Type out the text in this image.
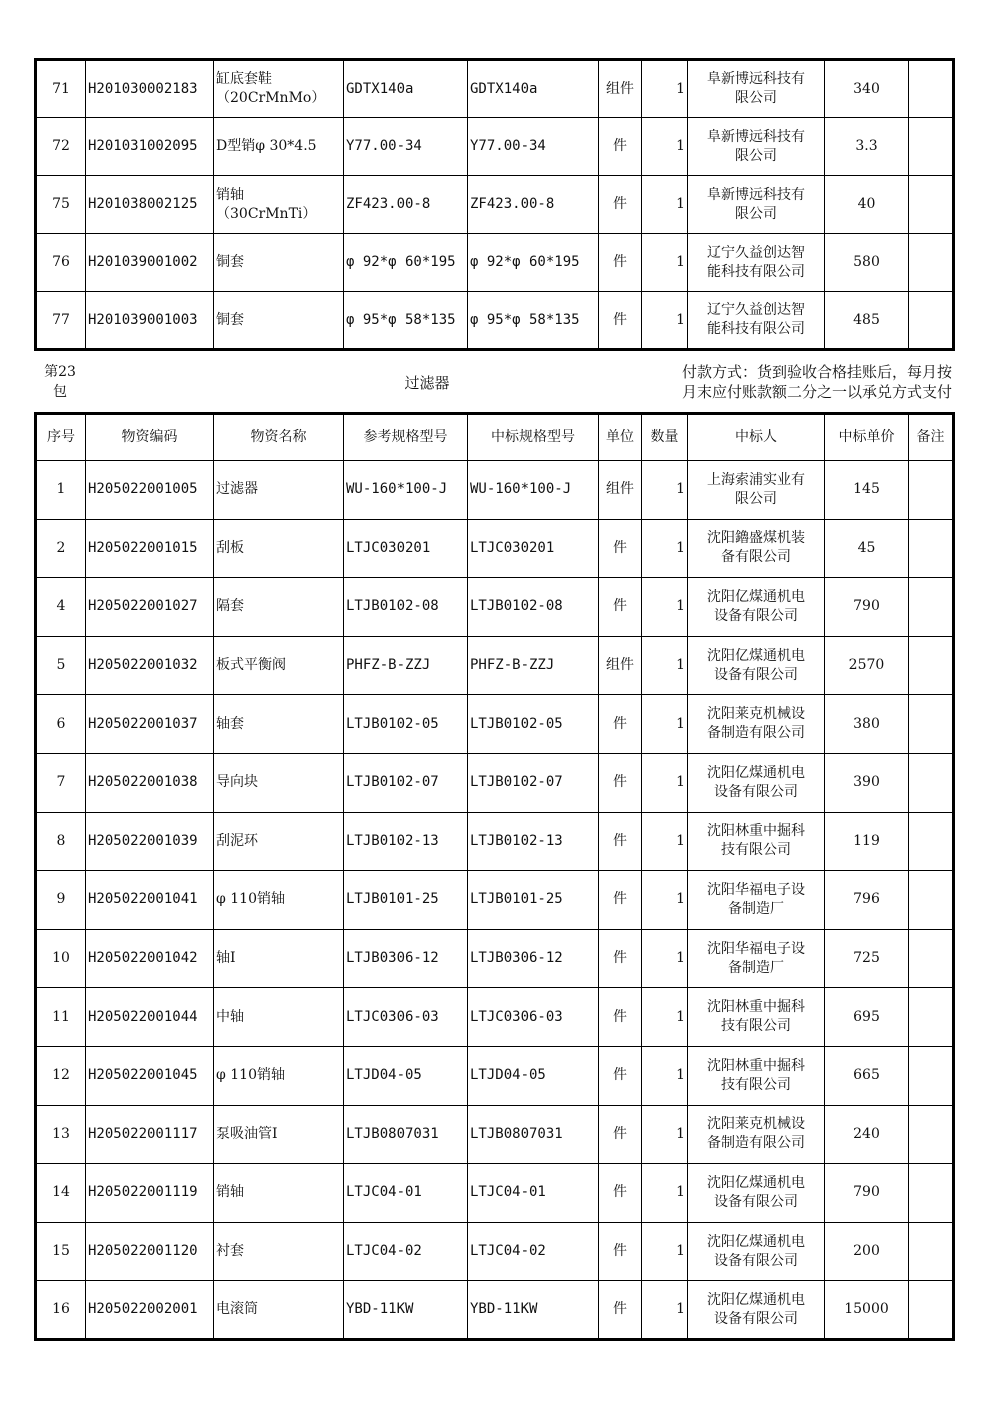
71	H201030002183	缸底套鞋
（20CrMnMo）	GDTX140a	GDTX140a	组件	1	阜新博远科技有
限公司	340	
72	H201031002095	D型销φ 30*4.5	Y77.00-34	Y77.00-34	件	1	阜新博远科技有
限公司	3.3	
75	H201038002125	销轴
（30CrMnTi）	ZF423.00-8	ZF423.00-8	件	1	阜新博远科技有
限公司	40	
76	H201039001002	铜套	φ 92*φ 60*195	φ 92*φ 60*195	件	1	辽宁久益创达智
能科技有限公司	580	
77	H201039001003	铜套	φ 95*φ 58*135	φ 95*φ 58*135	件	1	辽宁久益创达智
能科技有限公司	485	
第23
包	过滤器
付款方式：货到验收合格挂账后，每月按
月末应付账款额二分之一以承兑方式支付
序号	物资编码	物资名称	参考规格型号	中标规格型号	单位	数量	中标人	中标单价	备注
1	H205022001005	过滤器	WU-160*100-J	WU-160*100-J	组件	1	上海索浦实业有
限公司	145	
2	H205022001015	刮板	LTJC030201	LTJC030201	件	1	沈阳鑥盛煤机装
备有限公司	45	
4	H205022001027	隔套	LTJB0102-08	LTJB0102-08	件	1	沈阳亿煤通机电
设备有限公司	790	
5	H205022001032	板式平衡阀	PHFZ-B-ZZJ	PHFZ-B-ZZJ	组件	1	沈阳亿煤通机电
设备有限公司	2570	
6	H205022001037	轴套	LTJB0102-05	LTJB0102-05	件	1	沈阳莱克机械设
备制造有限公司	380	
7	H205022001038	导向块	LTJB0102-07	LTJB0102-07	件	1	沈阳亿煤通机电
设备有限公司	390	
8	H205022001039	刮泥环	LTJB0102-13	LTJB0102-13	件	1	沈阳林重中掘科
技有限公司	119	
9	H205022001041	φ 110销轴	LTJB0101-25	LTJB0101-25	件	1	沈阳华福电子设
备制造厂	796	
10	H205022001042	轴I	LTJB0306-12	LTJB0306-12	件	1	沈阳华福电子设
备制造厂	725	
11	H205022001044	中轴	LTJC0306-03	LTJC0306-03	件	1	沈阳林重中掘科
技有限公司	695	
12	H205022001045	φ 110销轴	LTJD04-05	LTJD04-05	件	1	沈阳林重中掘科
技有限公司	665	
13	H205022001117	泵吸油管I	LTJB0807031	LTJB0807031	件	1	沈阳莱克机械设
备制造有限公司	240	
14	H205022001119	销轴	LTJC04-01	LTJC04-01	件	1	沈阳亿煤通机电
设备有限公司	790	
15	H205022001120	衬套	LTJC04-02	LTJC04-02	件	1	沈阳亿煤通机电
设备有限公司	200	
16	H205022002001	电滚筒	YBD-11KW	YBD-11KW	件	1	沈阳亿煤通机电
设备有限公司	15000	
